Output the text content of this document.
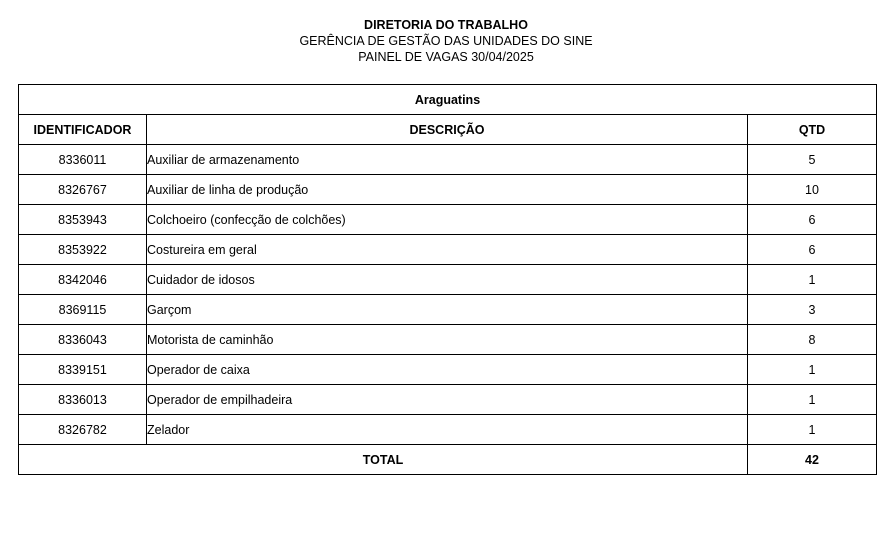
DIRETORIA DO TRABALHO
GERÊNCIA DE GESTÃO DAS UNIDADES DO SINE
PAINEL DE VAGAS 30/04/2025
Araguatins		
IDENTIFICADOR	DESCRIÇÃO	QTD
8336011	Auxiliar de armazenamento	5
8326767	Auxiliar de linha de produção	10
8353943	Colchoeiro (confecção de colchões)	6
8353922	Costureira em geral	6
8342046	Cuidador de idosos	1
8369115	Garçom	3
8336043	Motorista de caminhão	8
8339151	Operador de caixa	1
8336013	Operador de empilhadeira	1
8326782	Zelador	1
TOTAL		42
